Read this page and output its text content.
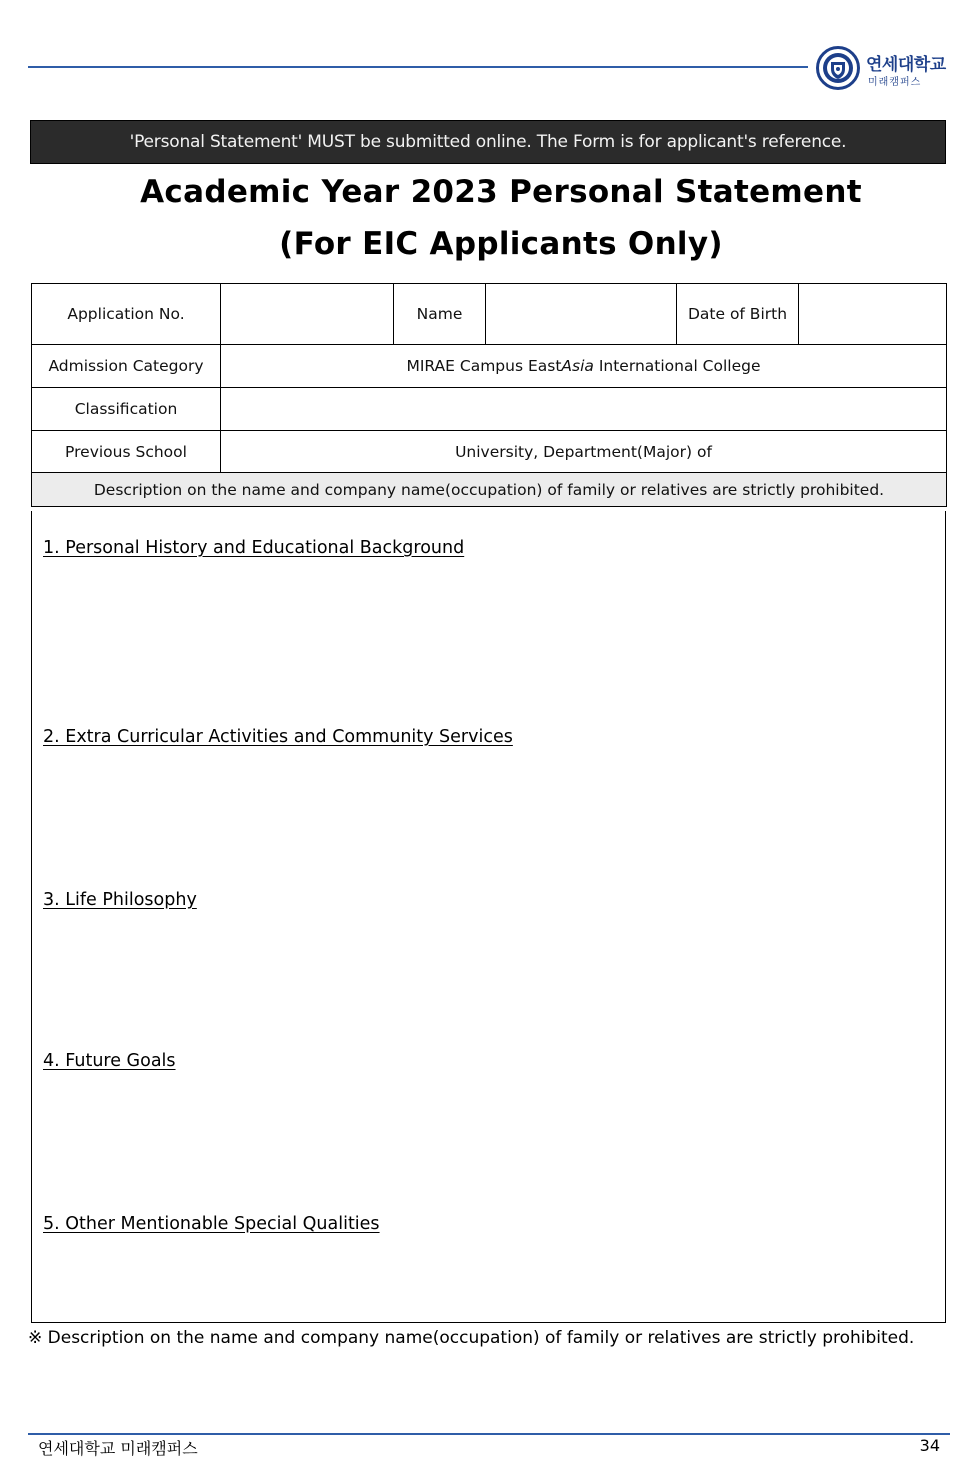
연세대학교
미래캠퍼스
'Personal Statement' MUST be submitted online. The Form is for applicant's reference.
Academic Year 2023 Personal Statement
(For EIC Applicants Only)
Application No.		Name		Date of Birth	
Admission Category	MIRAE Campus EastAsia International College				
Classification					
Previous School	University, Department(Major) of				
Description on the name and company name(occupation) of family or relatives are strictly prohibited.					
1. Personal History and Educational Background
2. Extra Curricular Activities and Community Services
3. Life Philosophy
4. Future Goals
5. Other Mentionable Special Qualities
※ Description on the name and company name(occupation) of family or relatives are strictly prohibited.
연세대학교 미래캠퍼스	34
